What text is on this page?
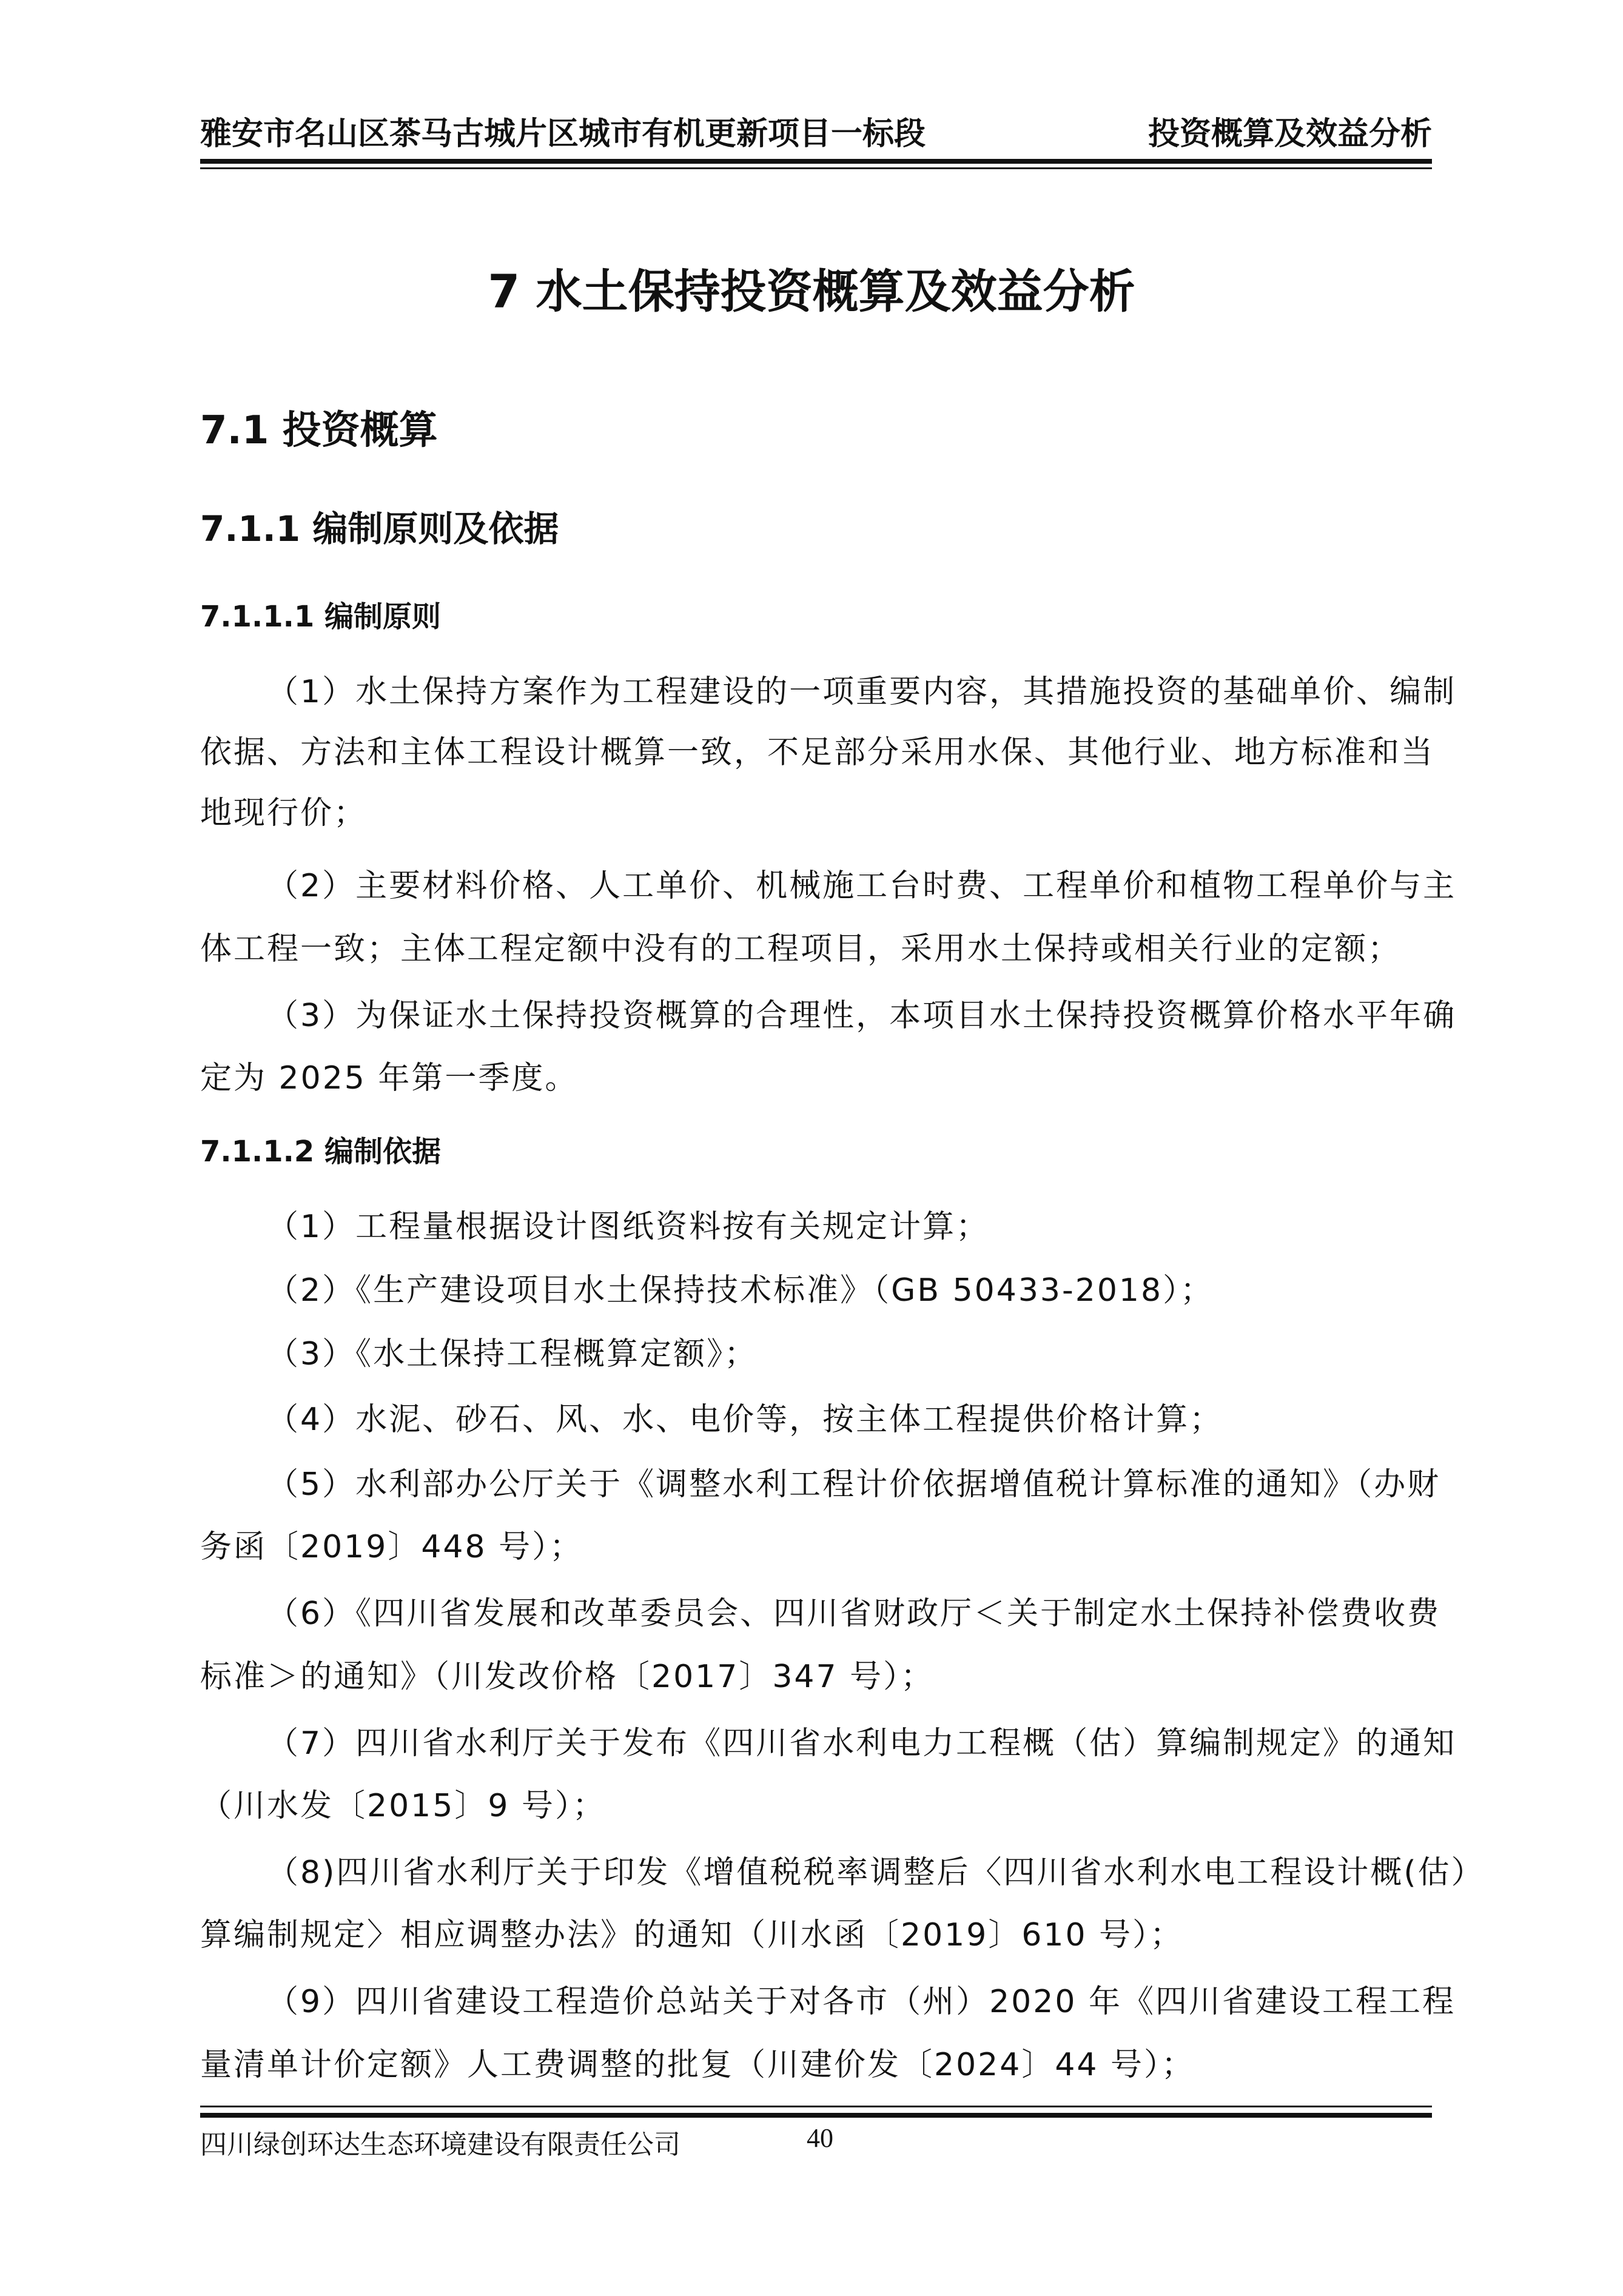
雅安市名山区茶马古城片区城市有机更新项目一标段	投资概算及效益分析
7 水土保持投资概算及效益分析
7.1 投资概算
7.1.1 编制原则及依据
7.1.1.1 编制原则
（1）水土保持方案作为工程建设的一项重要内容，其措施投资的基础单价、编制
依据、方法和主体工程设计概算一致，不足部分采用水保、其他行业、地方标准和当
地现行价；
（2）主要材料价格、人工单价、机械施工台时费、工程单价和植物工程单价与主
体工程一致；主体工程定额中没有的工程项目，采用水土保持或相关行业的定额；
（3）为保证水土保持投资概算的合理性，本项目水土保持投资概算价格水平年确
定为 2025 年第一季度。
7.1.1.2 编制依据
（1）工程量根据设计图纸资料按有关规定计算；
（2）《生产建设项目水土保持技术标准》（GB 50433-2018）；
（3）《水土保持工程概算定额》；
（4）水泥、砂石、风、水、电价等，按主体工程提供价格计算；
（5）水利部办公厅关于《调整水利工程计价依据增值税计算标准的通知》（办财
务函〔2019〕448 号）；
（6）《四川省发展和改革委员会、四川省财政厅＜关于制定水土保持补偿费收费
标准＞的通知》（川发改价格〔2017〕347 号）；
（7）四川省水利厅关于发布《四川省水利电力工程概（估）算编制规定》的通知
（川水发〔2015〕9 号）；
（8)四川省水利厅关于印发《增值税税率调整后〈四川省水利水电工程设计概(估）
算编制规定〉相应调整办法》的通知（川水函〔2019〕610 号）；
（9）四川省建设工程造价总站关于对各市（州）2020 年《四川省建设工程工程
量清单计价定额》人工费调整的批复（川建价发〔2024〕44 号）；
四川绿创环达生态环境建设有限责任公司	40
